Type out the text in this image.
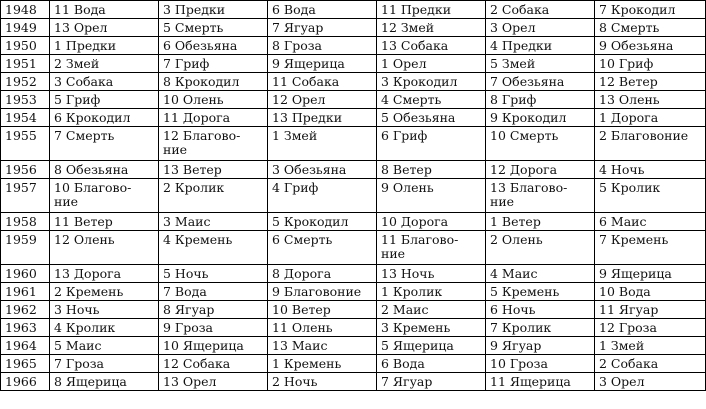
1948	11 Вода	3 Предки	6 Вода	11 Предки	2 Собака	7 Крокодил

1949	13 Орел	5 Смерть	7 Ягуар	12 Змей	3 Орел	8 Смерть

1950	1 Предки	6 Обезьяна	8 Гроза	13 Собака	4 Предки	9 Обезьяна

1951	2 Змей	7 Гриф	9 Ящерица	1 Орел	5 Змей	10 Гриф

1952	3 Собака	8 Крокодил	11 Собака	3 Крокодил	7 Обезьяна	12 Ветер

1953	5 Гриф	10 Олень	12 Орел	4 Смерть	8 Гриф	13 Олень

1954	6 Крокодил	11 Дорога	13 Предки	5 Обезьяна	9 Крокодил	1 Дорога

1955	7 Смерть	12 Благово-
ние	1 Змей	6 Гриф	10 Смерть	2 Благовоние

1956	8 Обезьяна	13 Ветер	3 Обезьяна	8 Ветер	12 Дорога	4 Ночь

1957	10 Благово-
ние	2 Кролик	4 Гриф	9 Олень	13 Благово-
ние	5 Кролик

1958	11 Ветер	3 Маис	5 Крокодил	10 Дорога	1 Ветер	6 Маис

1959	12 Олень	4 Кремень	6 Смерть	11 Благово-
ние	2 Олень	7 Кремень

1960	13 Дорога	5 Ночь	8 Дорога	13 Ночь	4 Маис	9 Ящерица

1961	2 Кремень	7 Вода	9 Благовоние	1 Кролик	5 Кремень	10 Вода

1962	3 Ночь	8 Ягуар	10 Ветер	2 Маис	6 Ночь	11 Ягуар

1963	4 Кролик	9 Гроза	11 Олень	3 Кремень	7 Кролик	12 Гроза

1964	5 Маис	10 Ящерица	13 Маис	5 Ящерица	9 Ягуар	1 Змей

1965	7 Гроза	12 Собака	1 Кремень	6 Вода	10 Гроза	2 Собака

1966	8 Ящерица	13 Орел	2 Ночь	7 Ягуар	11 Ящерица	3 Орел
